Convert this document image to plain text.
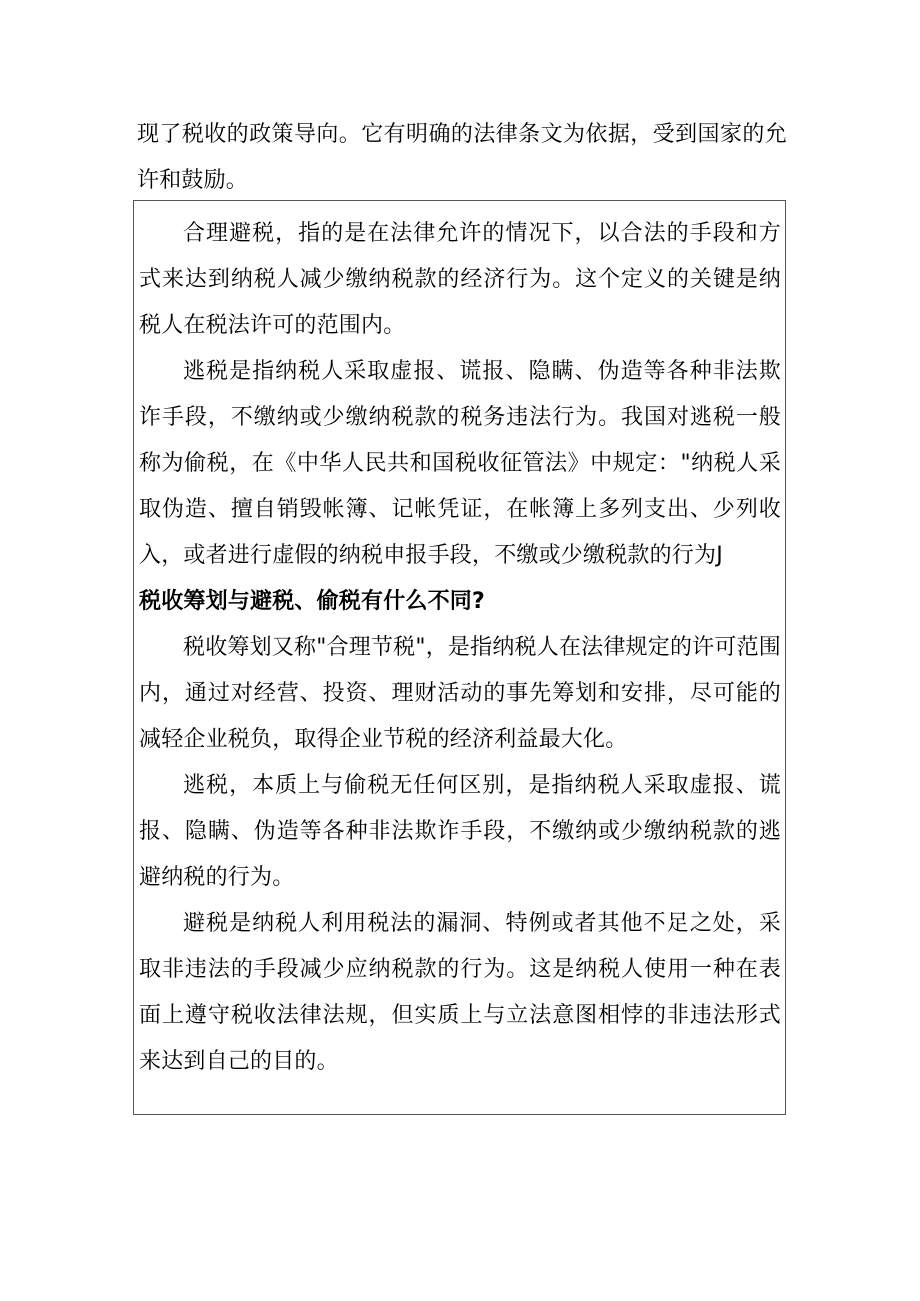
现了税收的政策导向。它有明确的法律条文为依据，受到国家的允许和鼓励。

合理避税，指的是在法律允许的情况下，以合法的手段和方式来达到纳税人减少缴纳税款的经济行为。这个定义的关键是纳税人在税法许可的范围内。

逃税是指纳税人采取虚报、谎报、隐瞒、伪造等各种非法欺诈手段，不缴纳或少缴纳税款的税务违法行为。我国对逃税一般称为偷税，在《中华人民共和国税收征管法》中规定："纳税人采取伪造、擅自销毁帐簿、记帐凭证，在帐簿上多列支出、少列收入，或者进行虚假的纳税申报手段，不缴或少缴税款的行为J

税收筹划与避税、偷税有什么不同?

税收筹划又称"合理节税"，是指纳税人在法律规定的许可范围内，通过对经营、投资、理财活动的事先筹划和安排，尽可能的减轻企业税负，取得企业节税的经济利益最大化。

逃税，本质上与偷税无任何区别，是指纳税人采取虚报、谎报、隐瞒、伪造等各种非法欺诈手段，不缴纳或少缴纳税款的逃避纳税的行为。

避税是纳税人利用税法的漏洞、特例或者其他不足之处，采取非违法的手段减少应纳税款的行为。这是纳税人使用一种在表面上遵守税收法律法规，但实质上与立法意图相悖的非违法形式来达到自己的目的。
